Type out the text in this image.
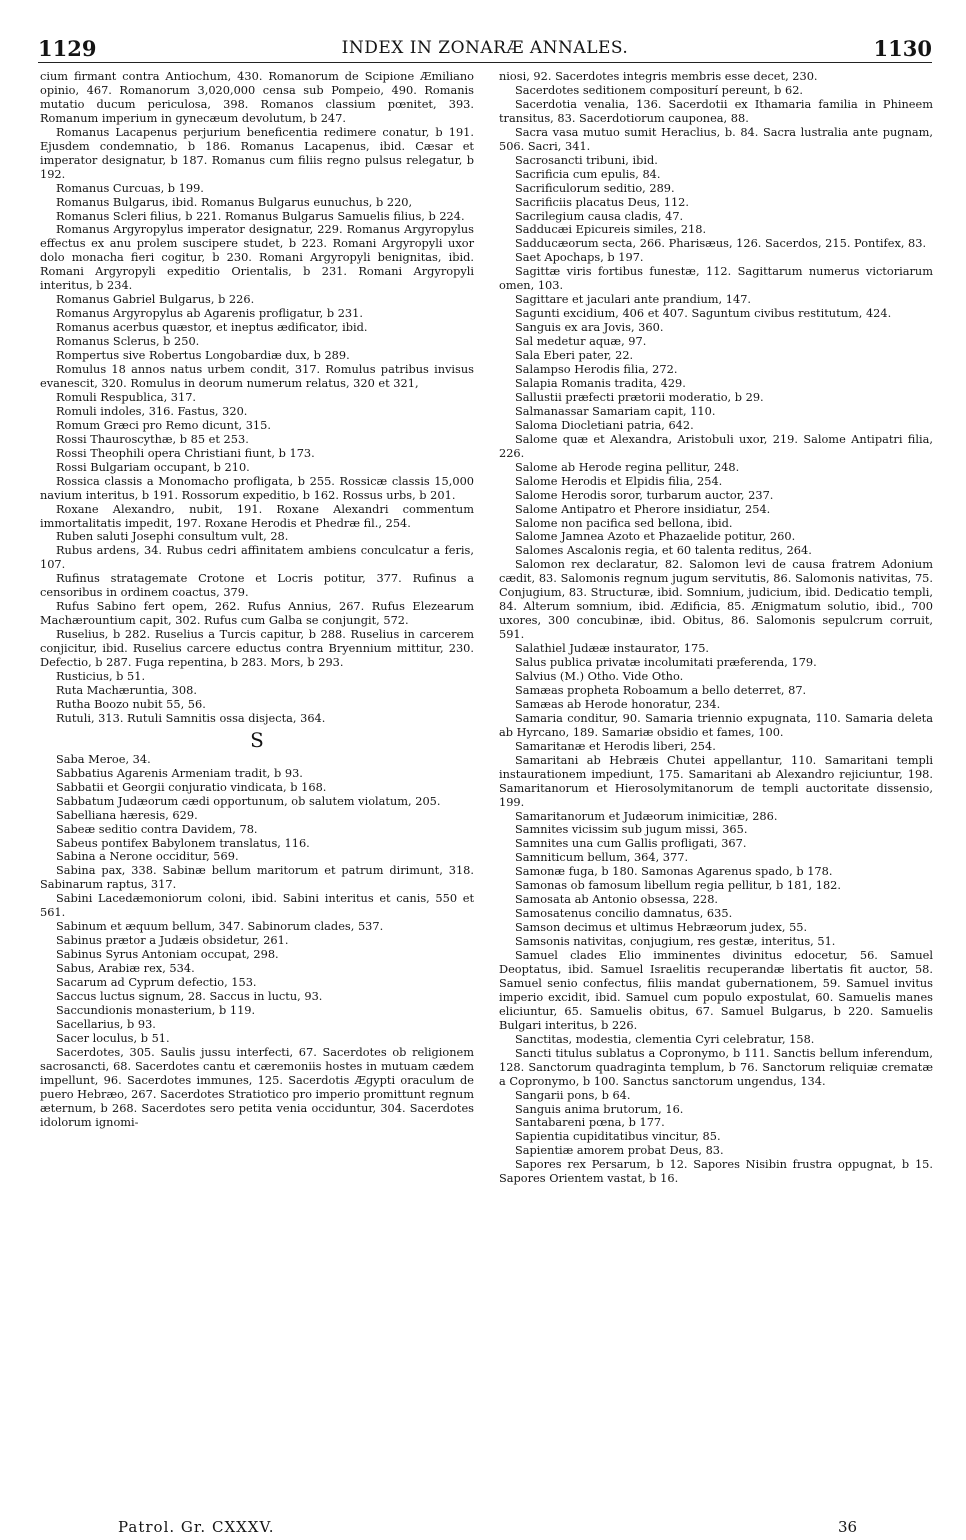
1129	INDEX IN ZONARÆ ANNALES.	1130

cium firmant contra Antiochum, 430. Romanorum de Scipione Æmiliano opinio, 467. Romanorum 3,020,000 censa sub Pompeio, 490. Romanis mutatio ducum periculosa, 398. Romanos classium pœnitet, 393. Romanum imperium in gynecæum devolutum, b 247.

Romanus Lacapenus perjurium beneficentia redimere conatur, b 191. Ejusdem condemnatio, b 186. Romanus Lacapenus, ibid. Cæsar et imperator designatur, b 187. Romanus cum filiis regno pulsus relegatur, b 192.

Romanus Curcuas, b 199.

Romanus Bulgarus, ibid. Romanus Bulgarus eunuchus, b 220,

Romanus Scleri filius, b 221. Romanus Bulgarus Samuelis filius, b 224.

Romanus Argyropylus imperator designatur, 229. Romanus Argyropylus effectus ex anu prolem suscipere studet, b 223. Romani Argyropyli uxor dolo monacha fieri cogitur, b 230. Romani Argyropyli benignitas, ibid. Romani Argyropyli expeditio Orientalis, b 231. Romani Argyropyli interitus, b 234.

Romanus Gabriel Bulgarus, b 226.

Romanus Argyropylus ab Agarenis profligatur, b 231.

Romanus acerbus quæstor, et ineptus ædificator, ibid.

Romanus Sclerus, b 250.

Rompertus sive Robertus Longobardiæ dux, b 289.

Romulus 18 annos natus urbem condit, 317. Romulus patribus invisus evanescit, 320. Romulus in deorum numerum relatus, 320 et 321,

Romuli Respublica, 317.

Romuli indoles, 316. Fastus, 320.

Romum Græci pro Remo dicunt, 315.

Rossi Thauroscythæ, b 85 et 253.

Rossi Theophili opera Christiani fiunt, b 173.

Rossi Bulgariam occupant, b 210.

Rossica classis a Monomacho profligata, b 255. Rossicæ classis 15,000 navium interitus, b 191. Rossorum expeditio, b 162. Rossus urbs, b 201.

Roxane Alexandro, nubit, 191. Roxane Alexandri commentum immortalitatis impedit, 197. Roxane Herodis et Phedræ fil., 254.

Ruben saluti Josephi consultum vult, 28.

Rubus ardens, 34. Rubus cedri affinitatem ambiens conculcatur a feris, 107.

Rufinus stratagemate Crotone et Locris potitur, 377. Rufinus a censoribus in ordinem coactus, 379.

Rufus Sabino fert opem, 262. Rufus Annius, 267. Rufus Elezearum Machærountium capit, 302. Rufus cum Galba se conjungit, 572.

Ruselius, b 282. Ruselius a Turcis capitur, b 288. Ruselius in carcerem conjicitur, ibid. Ruselius carcere eductus contra Bryennium mittitur, 230. Defectio, b 287. Fuga repentina, b 283. Mors, b 293.

Rusticius, b 51.

Ruta Machæruntia, 308.

Rutha Boozo nubit 55, 56.

Rutuli, 313. Rutuli Samnitis ossa disjecta, 364.

S

Saba Meroe, 34.

Sabbatius Agarenis Armeniam tradit, b 93.

Sabbatii et Georgii conjuratio vindicata, b 168.

Sabbatum Judæorum cædi opportunum, ob salutem violatum, 205.

Sabelliana hæresis, 629.

Sabeæ seditio contra Davidem, 78.

Sabeus pontifex Babylonem translatus, 116.

Sabina a Nerone occiditur, 569.

Sabina pax, 338. Sabinæ bellum maritorum et patrum dirimunt, 318. Sabinarum raptus, 317.

Sabini Lacedæmoniorum coloni, ibid. Sabini interitus et canis, 550 et 561.

Sabinum et æquum bellum, 347. Sabinorum clades, 537.

Sabinus prætor a Judæis obsidetur, 261.

Sabinus Syrus Antoniam occupat, 298.

Sabus, Arabiæ rex, 534.

Sacarum ad Cyprum defectio, 153.

Saccus luctus signum, 28. Saccus in luctu, 93.

Saccundionis monasterium, b 119.

Sacellarius, b 93.

Sacer loculus, b 51.

Sacerdotes, 305. Saulis jussu interfecti, 67. Sacerdotes ob religionem sacrosancti, 68. Sacerdotes cantu et cæremoniis hostes in mutuam cædem impellunt, 96. Sacerdotes immunes, 125. Sacerdotis Ægypti oraculum de puero Hebræo, 267. Sacerdotes Stratiotico pro imperio promittunt regnum æternum, b 268. Sacerdotes sero petita venia occiduntur, 304. Sacerdotes idolorum ignomi-

niosi, 92. Sacerdotes integris membris esse decet, 230.

Sacerdotes seditionem compositurí pereunt, b 62.

Sacerdotia venalia, 136. Sacerdotii ex Ithamaria familia in Phineem transitus, 83. Sacerdotiorum cauponea, 88.

Sacra vasa mutuo sumit Heraclius, b. 84. Sacra lustralia ante pugnam, 506. Sacri, 341.

Sacrosancti tribuni, ibid.

Sacrificia cum epulis, 84.

Sacrificulorum seditio, 289.

Sacrificiis placatus Deus, 112.

Sacrilegium causa cladis, 47.

Sadducæi Epicureis similes, 218.

Sadducæorum secta, 266. Pharisæus, 126. Sacerdos, 215. Pontifex, 83.

Saet Apochaps, b 197.

Sagittæ viris fortibus funestæ, 112. Sagittarum numerus victoriarum omen, 103.

Sagittare et jaculari ante prandium, 147.

Sagunti excidium, 406 et 407. Saguntum civibus restitutum, 424.

Sanguis ex ara Jovis, 360.

Sal medetur aquæ, 97.

Sala Eberi pater, 22.

Salampso Herodis filia, 272.

Salapia Romanis tradita, 429.

Sallustii præfecti prætorii moderatio, b 29.

Salmanassar Samariam capit, 110.

Saloma Diocletiani patria, 642.

Salome quæ et Alexandra, Aristobuli uxor, 219. Salome Antipatri filia, 226.

Salome ab Herode regina pellitur, 248.

Salome Herodis et Elpidis filia, 254.

Salome Herodis soror, turbarum auctor, 237.

Salome Antipatro et Pherore insidiatur, 254.

Salome non pacifica sed bellona, ibid.

Salome Jamnea Azoto et Phazaelide potitur, 260.

Salomes Ascalonis regia, et 60 talenta reditus, 264.

Salomon rex declaratur, 82. Salomon levi de causa fratrem Adonium cædit, 83. Salomonis regnum jugum servitutis, 86. Salomonis nativitas, 75. Conjugium, 83. Structuræ, ibid. Somnium, judicium, ibid. Dedicatio templi, 84. Alterum somnium, ibid. Ædificia, 85. Ænigmatum solutio, ibid., 700 uxores, 300 concubinæ, ibid. Obitus, 86. Salomonis sepulcrum corruit, 591.

Salathiel Judææ instaurator, 175.

Salus publica privatæ incolumitati præferenda, 179.

Salvius (M.) Otho. Vide Otho.

Samæas propheta Roboamum a bello deterret, 87.

Samæas ab Herode honoratur, 234.

Samaria conditur, 90. Samaria triennio expugnata, 110. Samaria deleta ab Hyrcano, 189. Samariæ obsidio et fames, 100.

Samaritanæ et Herodis liberi, 254.

Samaritani ab Hebræis Chutei appellantur, 110. Samaritani templi instaurationem impediunt, 175. Samaritani ab Alexandro rejiciuntur, 198. Samaritanorum et Hierosolymitanorum de templi auctoritate dissensio, 199.

Samaritanorum et Judæorum inimicitiæ, 286.

Samnites vicissim sub jugum missi, 365.

Samnites una cum Gallis profligati, 367.

Samniticum bellum, 364, 377.

Samonæ fuga, b 180. Samonas Agarenus spado, b 178.

Samonas ob famosum libellum regia pellitur, b 181, 182.

Samosata ab Antonio obsessa, 228.

Samosatenus concilio damnatus, 635.

Samson decimus et ultimus Hebræorum judex, 55.

Samsonis nativitas, conjugium, res gestæ, interitus, 51.

Samuel clades Elio imminentes divinitus edocetur, 56. Samuel Deoptatus, ibid. Samuel Israelitis recuperandæ libertatis fit auctor, 58. Samuel senio confectus, filiis mandat gubernationem, 59. Samuel invitus imperio excidit, ibid. Samuel cum populo expostulat, 60. Samuelis manes eliciuntur, 65. Samuelis obitus, 67. Samuel Bulgarus, b 220. Samuelis Bulgari interitus, b 226.

Sanctitas, modestia, clementia Cyri celebratur, 158.

Sancti titulus sublatus a Copronymo, b 111. Sanctis bellum inferendum, 128. Sanctorum quadraginta templum, b 76. Sanctorum reliquiæ crematæ a Copronymo, b 100. Sanctus sanctorum ungendus, 134.

Sangarii pons, b 64.

Sanguis anima brutorum, 16.

Santabareni pœna, b 177.

Sapientia cupiditatibus vincitur, 85.

Sapientiæ amorem probat Deus, 83.

Sapores rex Persarum, b 12. Sapores Nisibin frustra oppugnat, b 15. Sapores Orientem vastat, b 16.

Patrol. Gr. CXXXV.	36
